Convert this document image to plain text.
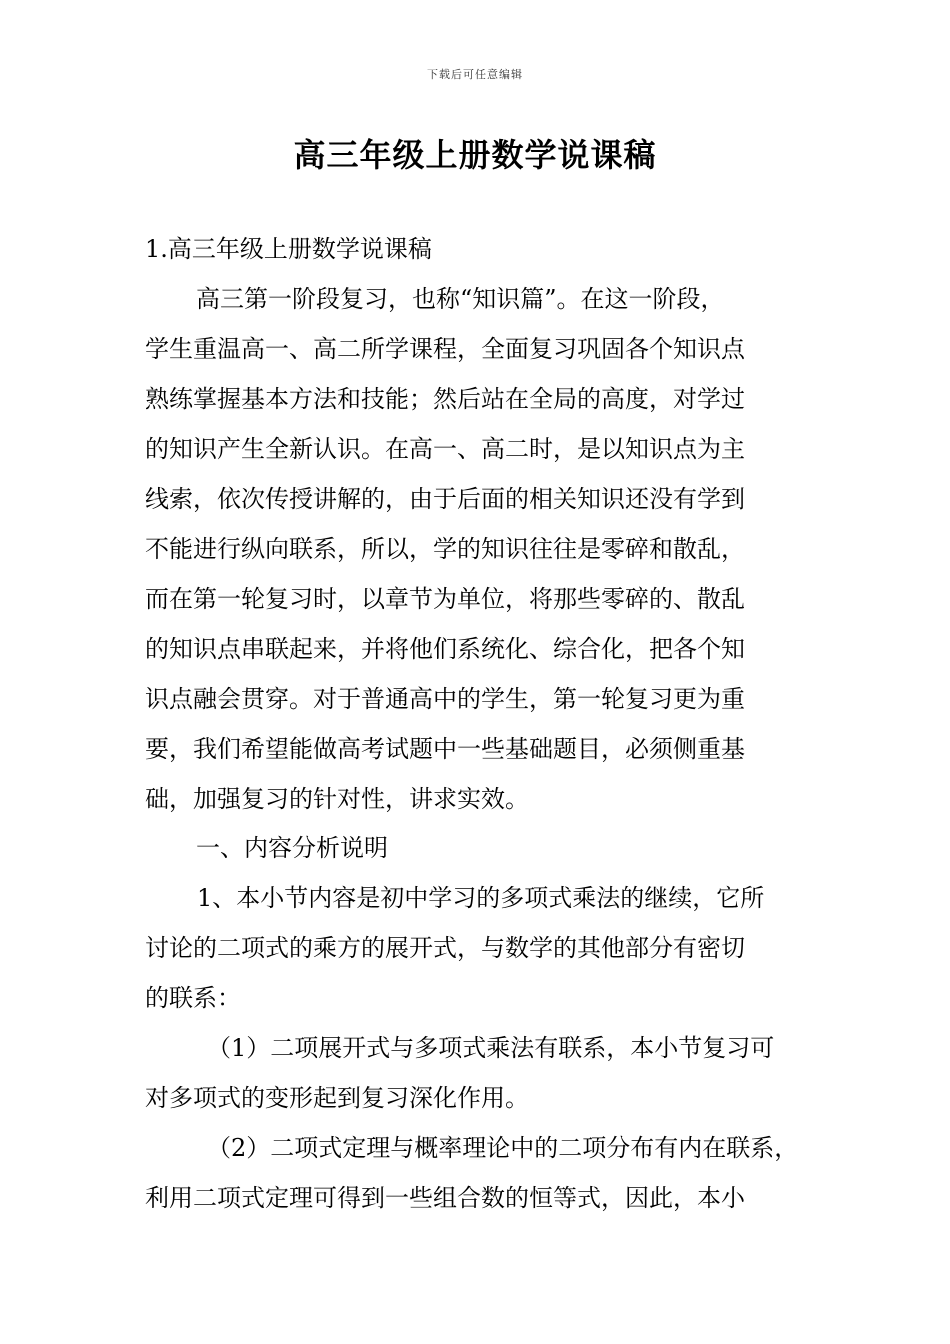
下载后可任意编辑
高三年级上册数学说课稿
1.高三年级上册数学说课稿
高三第一阶段复习，也称“知识篇”。在这一阶段，
学生重温高一、高二所学课程，全面复习巩固各个知识点
熟练掌握基本方法和技能；然后站在全局的高度，对学过
的知识产生全新认识。在高一、高二时，是以知识点为主
线索，依次传授讲解的，由于后面的相关知识还没有学到
不能进行纵向联系，所以，学的知识往往是零碎和散乱，
而在第一轮复习时，以章节为单位，将那些零碎的、散乱
的知识点串联起来，并将他们系统化、综合化，把各个知
识点融会贯穿。对于普通高中的学生，第一轮复习更为重
要，我们希望能做高考试题中一些基础题目，必须侧重基
础，加强复习的针对性，讲求实效。
一、内容分析说明
1、本小节内容是初中学习的多项式乘法的继续，它所
讨论的二项式的乘方的展开式，与数学的其他部分有密切
的联系：
（1）二项展开式与多项式乘法有联系，本小节复习可
对多项式的变形起到复习深化作用。
（2）二项式定理与概率理论中的二项分布有内在联系，
利用二项式定理可得到一些组合数的恒等式，因此，本小
